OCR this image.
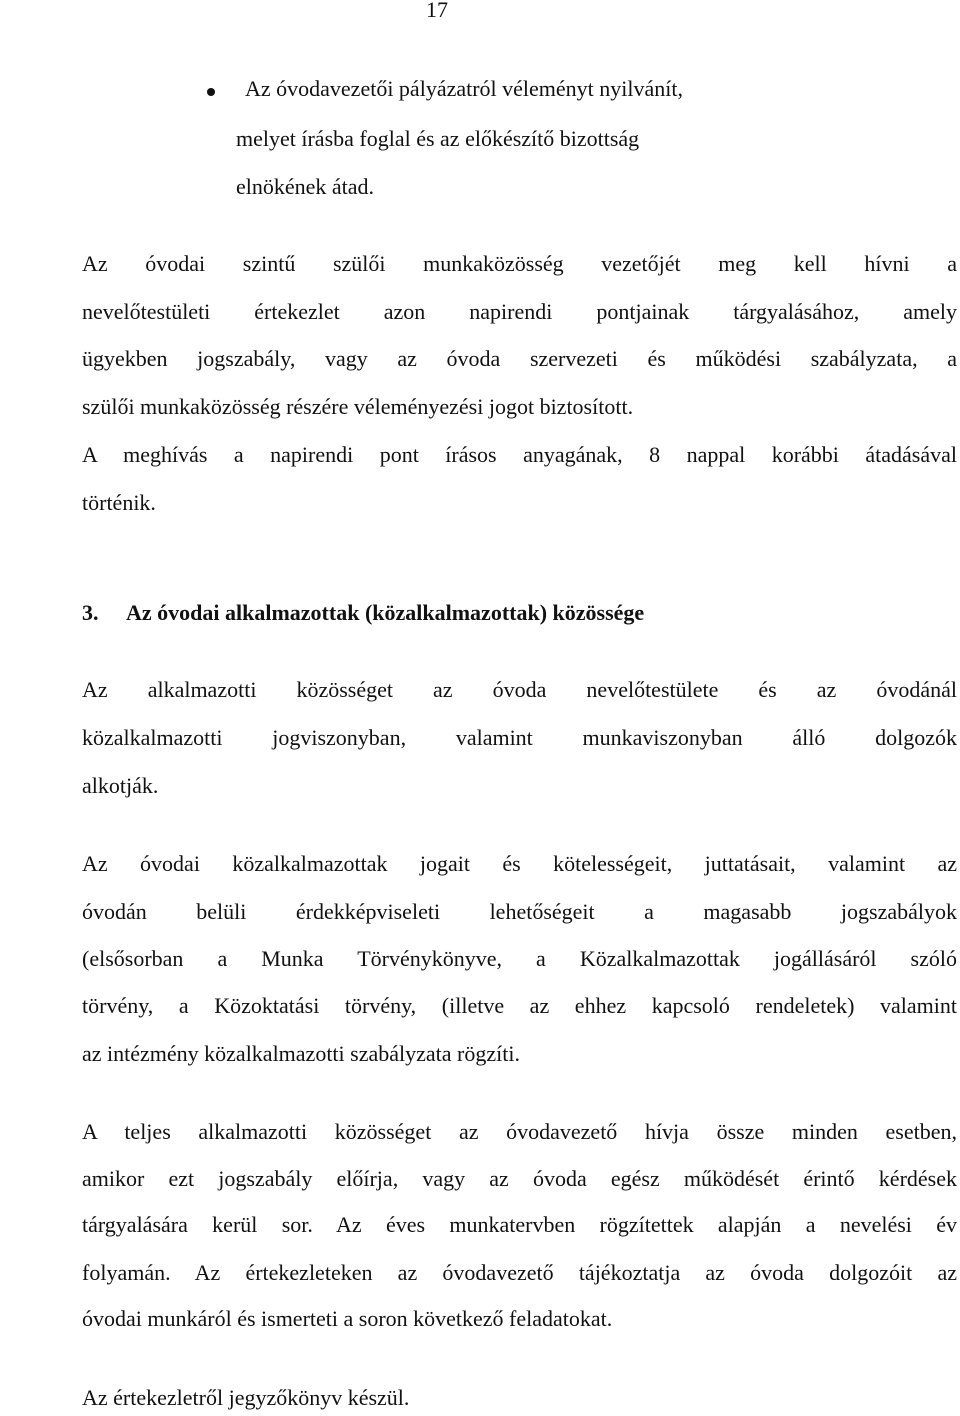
17

Az óvodavezetői pályázatról véleményt nyilvánít,

melyet írásba foglal és az előkészítő bizottság

elnökének átad.

Az óvodai szintű szülői munkaközösség vezetőjét meg kell hívni a
nevelőtestületi értekezlet azon napirendi pontjainak tárgyalásához, amely
ügyekben jogszabály, vagy az óvoda szervezeti és működési szabályzata, a
szülői munkaközösség részére véleményezési jogot biztosított.
A meghívás a napirendi pont írásos anyagának, 8 nappal korábbi átadásával
történik.
3. Az óvodai alkalmazottak (közalkalmazottak) közössége
Az alkalmazotti közösséget az óvoda nevelőtestülete és az óvodánál
közalkalmazotti jogviszonyban, valamint munkaviszonyban álló dolgozók
alkotják.
Az óvodai közalkalmazottak jogait és kötelességeit, juttatásait, valamint az
óvodán belüli érdekképviseleti lehetőségeit a magasabb jogszabályok
(elsősorban a Munka Törvénykönyve, a Közalkalmazottak jogállásáról szóló
törvény, a Közoktatási törvény, (illetve az ehhez kapcsoló rendeletek) valamint
az intézmény közalkalmazotti szabályzata rögzíti.
A teljes alkalmazotti közösséget az óvodavezető hívja össze minden esetben,
amikor ezt jogszabály előírja, vagy az óvoda egész működését érintő kérdések
tárgyalására kerül sor. Az éves munkatervben rögzítettek alapján a nevelési év
folyamán. Az értekezleteken az óvodavezető tájékoztatja az óvoda dolgozóit az
óvodai munkáról és ismerteti a soron következő feladatokat.
Az értekezletről jegyzőkönyv készül.
